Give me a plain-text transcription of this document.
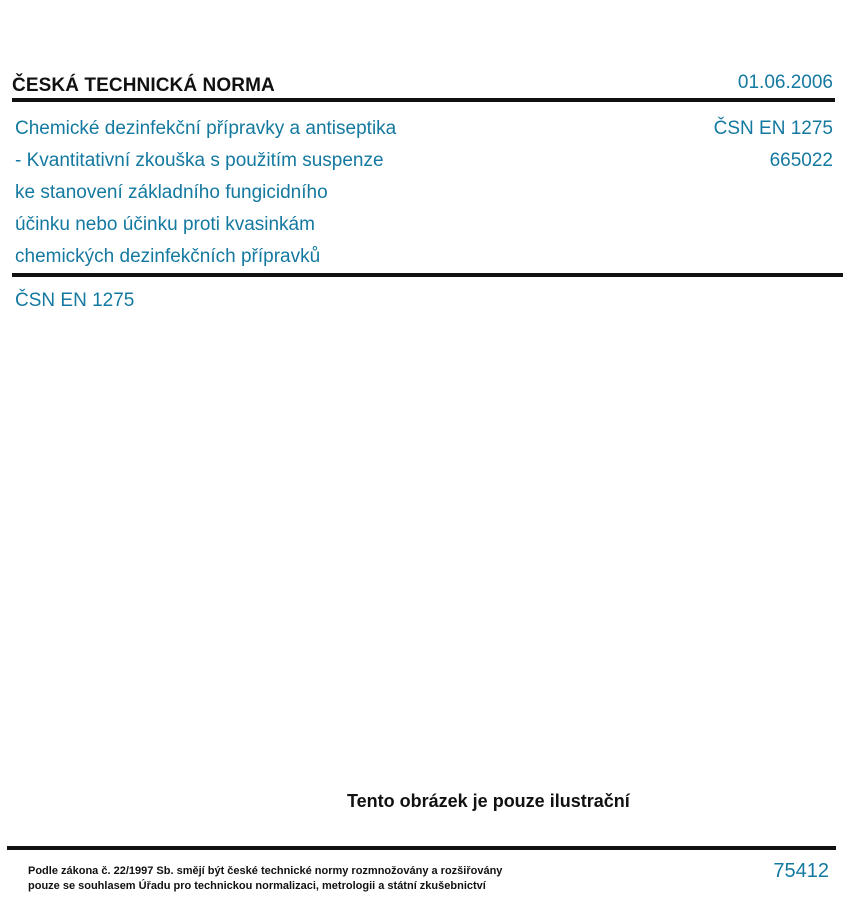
ČESKÁ TECHNICKÁ NORMA	01.06.2006
Chemické dezinfekční přípravky a antiseptika
- Kvantitativní zkouška s použitím suspenze
ke stanovení základního fungicidního
účinku nebo účinku proti kvasinkám
chemických dezinfekčních přípravků
ČSN EN 1275
665022
ČSN EN 1275
Tento obrázek je pouze ilustrační
Podle zákona č. 22/1997 Sb. smějí být české technické normy rozmnožovány a rozšiřovány
pouze se souhlasem Úřadu pro technickou normalizaci, metrologii a státní zkušebnictví
75412
